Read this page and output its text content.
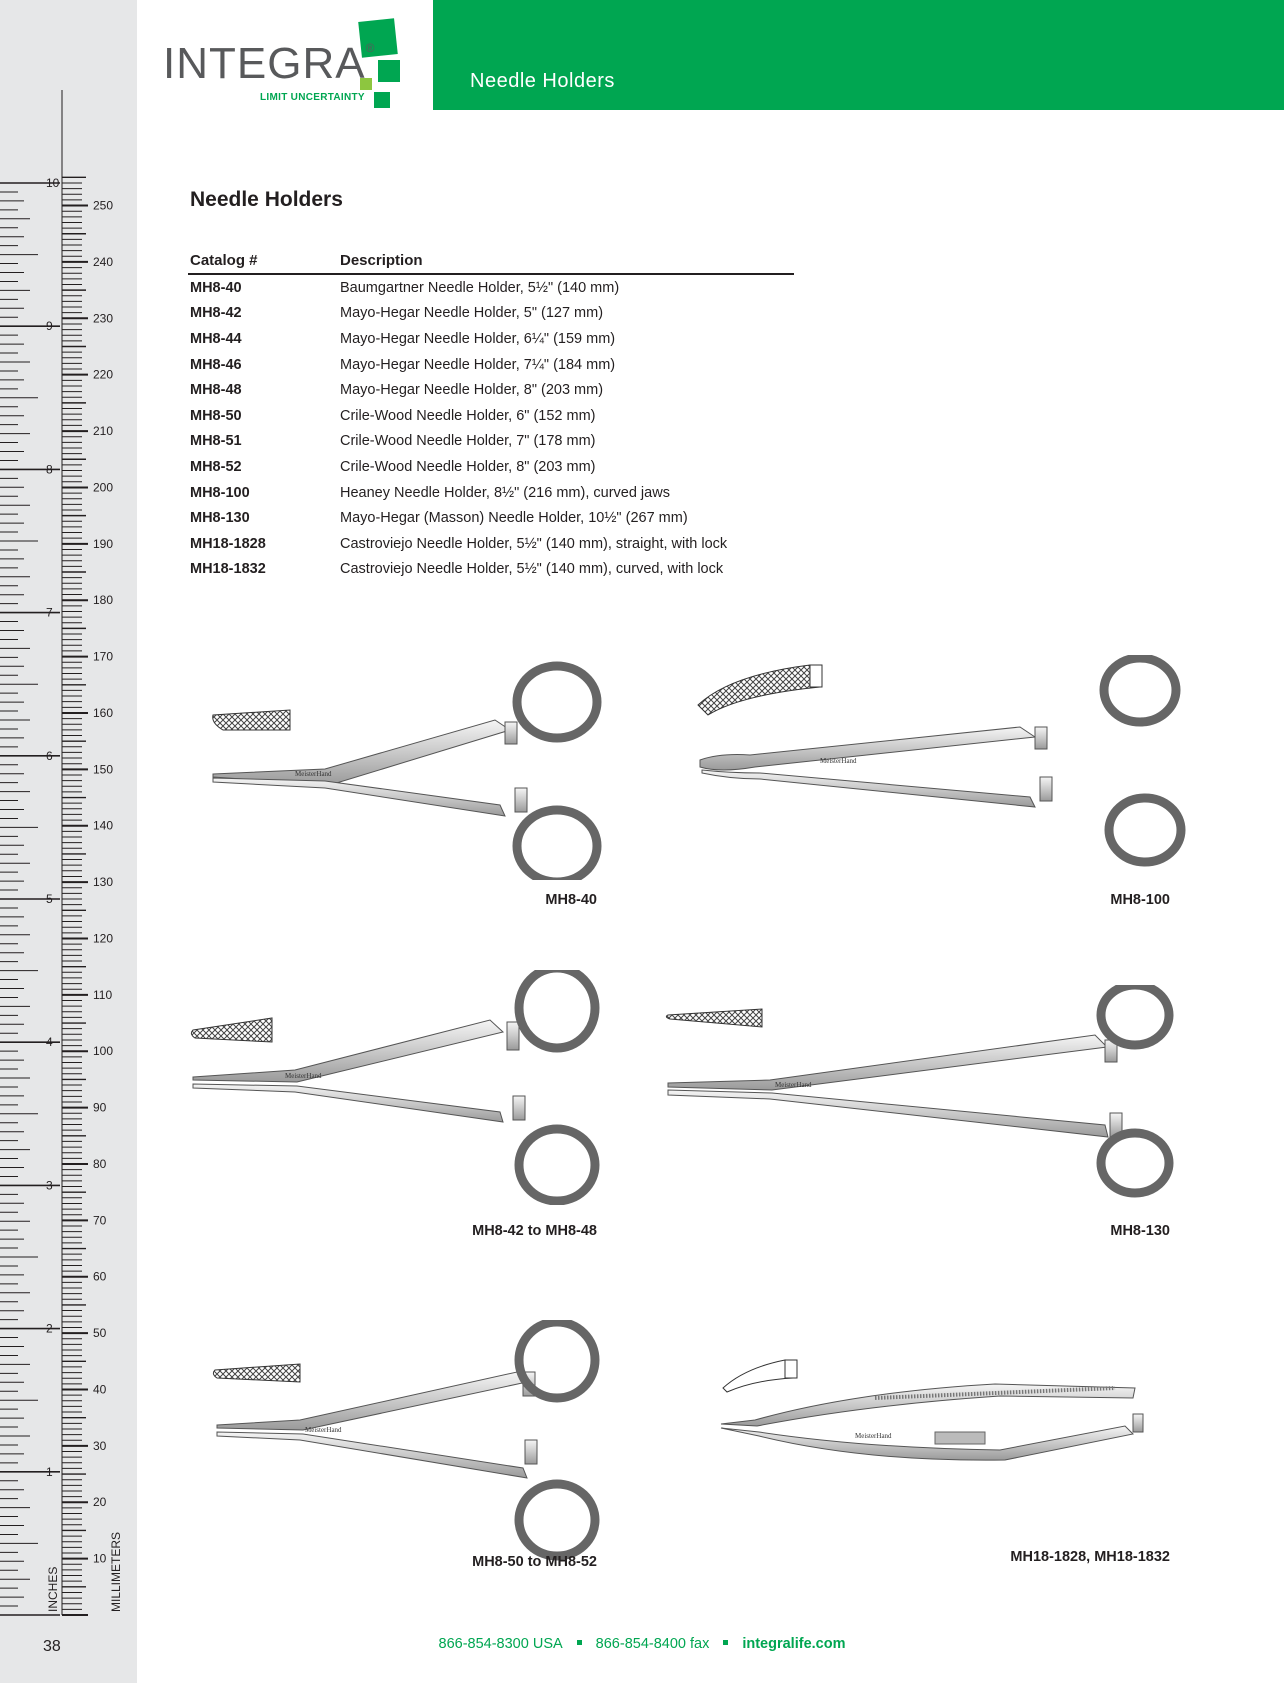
1
2
3
4
5
6
7
8
9
10
10
20
30
40
50
60
70
80
90
100
110
120
130
140
150
160
170
180
190
200
210
220
230
240
250
INCHES	MILLIMETERS
INTEGRA®
LIMIT UNCERTAINTY
Needle Holders
Needle Holders
Catalog #	Description
MH8-40	Baumgartner Needle Holder, 5½" (140 mm)
MH8-42	Mayo-Hegar Needle Holder, 5" (127 mm)
MH8-44	Mayo-Hegar Needle Holder, 6¼" (159 mm)
MH8-46	Mayo-Hegar Needle Holder, 7¼" (184 mm)
MH8-48	Mayo-Hegar Needle Holder, 8" (203 mm)
MH8-50	Crile-Wood Needle Holder, 6" (152 mm)
MH8-51	Crile-Wood Needle Holder, 7" (178 mm)
MH8-52	Crile-Wood Needle Holder, 8" (203 mm)
MH8-100	Heaney Needle Holder, 8½" (216 mm), curved jaws
MH8-130	Mayo-Hegar (Masson) Needle Holder, 10½" (267 mm)
MH18-1828	Castroviejo Needle Holder, 5½" (140 mm), straight, with lock
MH18-1832	Castroviejo Needle Holder, 5½" (140 mm), curved, with lock
MeisterHand
MH8-40
MeisterHand
MH8-100
MeisterHand
MH8-42 to MH8-48
MeisterHand
MH8-130
MeisterHand
MH8-50 to MH8-52
MeisterHand
MH18-1828, MH18-1832
866-854-8300 USA 866-854-8400 fax integralife.com
38
